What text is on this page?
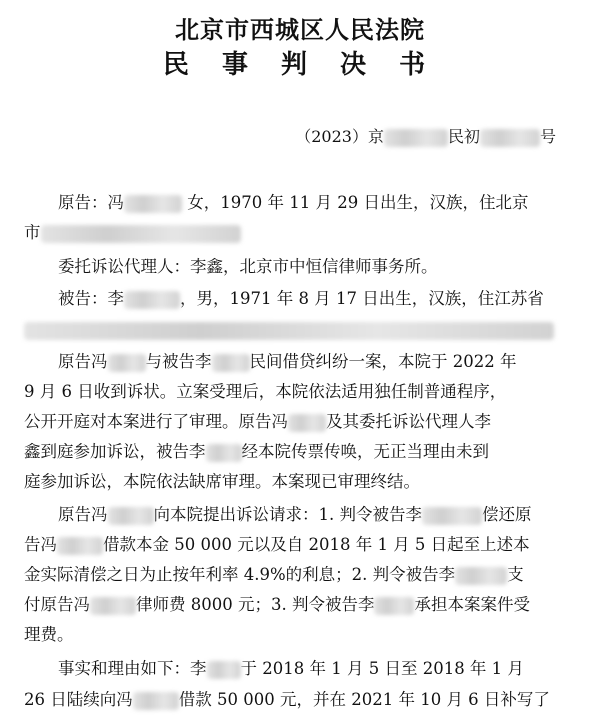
北京市西城区人民法院
民 事 判 决 书
（2023）京	民初	号
原告：冯	女，1970 年 11 月 29 日出生，汉族，住北京
市
委托诉讼代理人：李鑫，北京市中恒信律师事务所。
被告：李	，男，1971 年 8 月 17 日出生，汉族，住江苏省
原告冯 与被告李 民间借贷纠纷一案，本院于 2022 年
9 月 6 日收到诉状。立案受理后，本院依法适用独任制普通程序，
公开开庭对本案进行了审理。原告冯 及其委托诉讼代理人李
鑫到庭参加诉讼，被告李 经本院传票传唤，无正当理由未到
庭参加诉讼，本院依法缺席审理。本案现已审理终结。
原告冯	向本院提出诉讼请求：1. 判令被告李	偿还原
告冯	借款本金 50 000 元以及自 2018 年 1 月 5 日起至上述本
金实际清偿之日为止按年利率 4.9%的利息；2. 判令被告李	支
付原告冯	律师费 8000 元；3. 判令被告李 承担本案案件受
理费。
事实和理由如下：李 于 2018 年 1 月 5 日至 2018 年 1 月
26 日陆续向冯	借款 50 000 元，并在 2021 年 10 月 6 日补写了
